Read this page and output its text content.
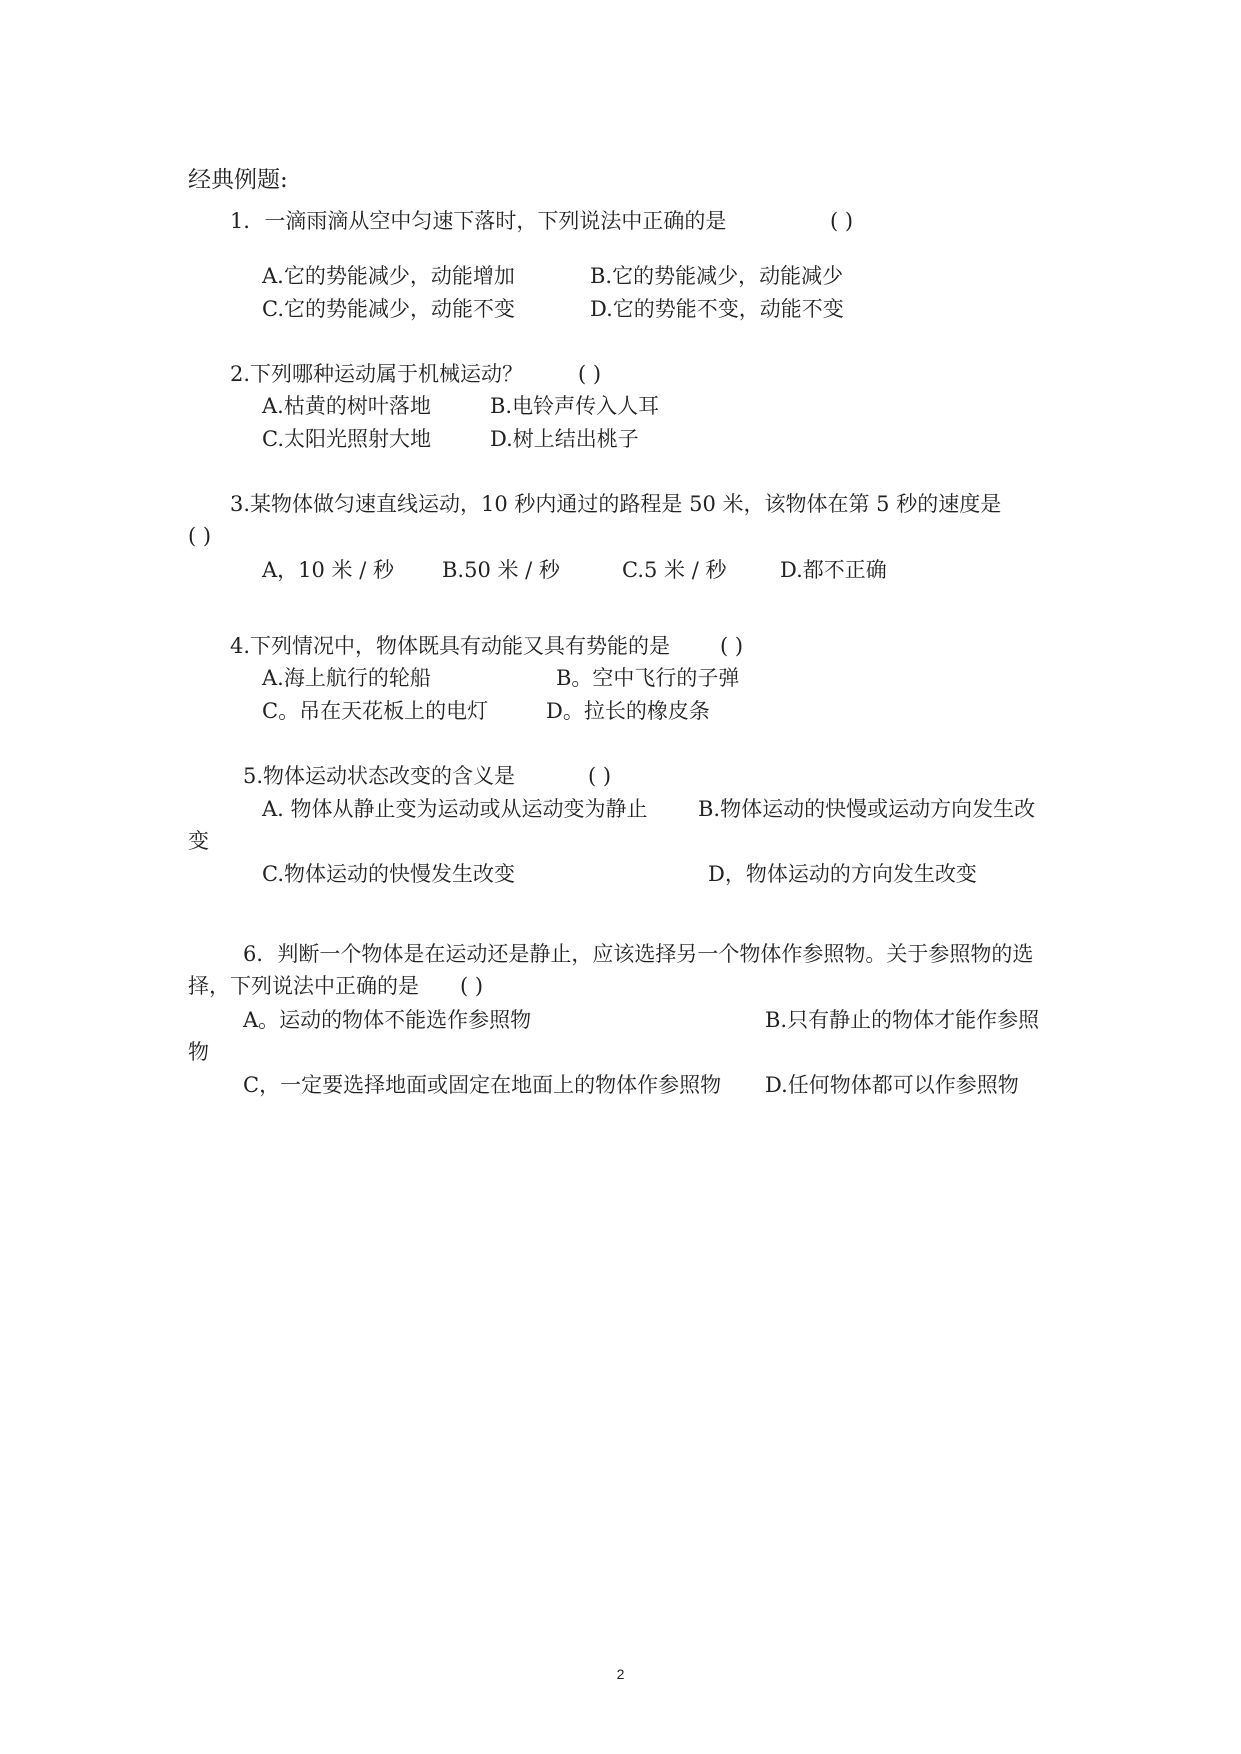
经典例题:
1．一滴雨滴从空中匀速下落时，下列说法中正确的是	( )
A.它的势能减少，动能增加	B.它的势能减少，动能减少
C.它的势能减少，动能不变	D.它的势能不变，动能不变
2.下列哪种运动属于机械运动？	( )
A.枯黄的树叶落地	B.电铃声传入人耳
C.太阳光照射大地	D.树上结出桃子
3.某物体做匀速直线运动，10 秒内通过的路程是 50 米，该物体在第 5 秒的速度是
( )
A，10 米 / 秒 B.50 米 / 秒	C.5 米 / 秒	D.都不正确
4.下列情况中，物体既具有动能又具有势能的是 ( )
A.海上航行的轮船	B。空中飞行的子弹
C。吊在天花板上的电灯	D。拉长的橡皮条
5.物体运动状态改变的含义是	( )
A. 物体从静止变为运动或从运动变为静止 B.物体运动的快慢或运动方向发生改
变
C.物体运动的快慢发生改变	D，物体运动的方向发生改变
6．判断一个物体是在运动还是静止，应该选择另一个物体作参照物。关于参照物的选
择，下列说法中正确的是 ( )
A。运动的物体不能选作参照物	B.只有静止的物体才能作参照
物
C，一定要选择地面或固定在地面上的物体作参照物 D.任何物体都可以作参照物
2
